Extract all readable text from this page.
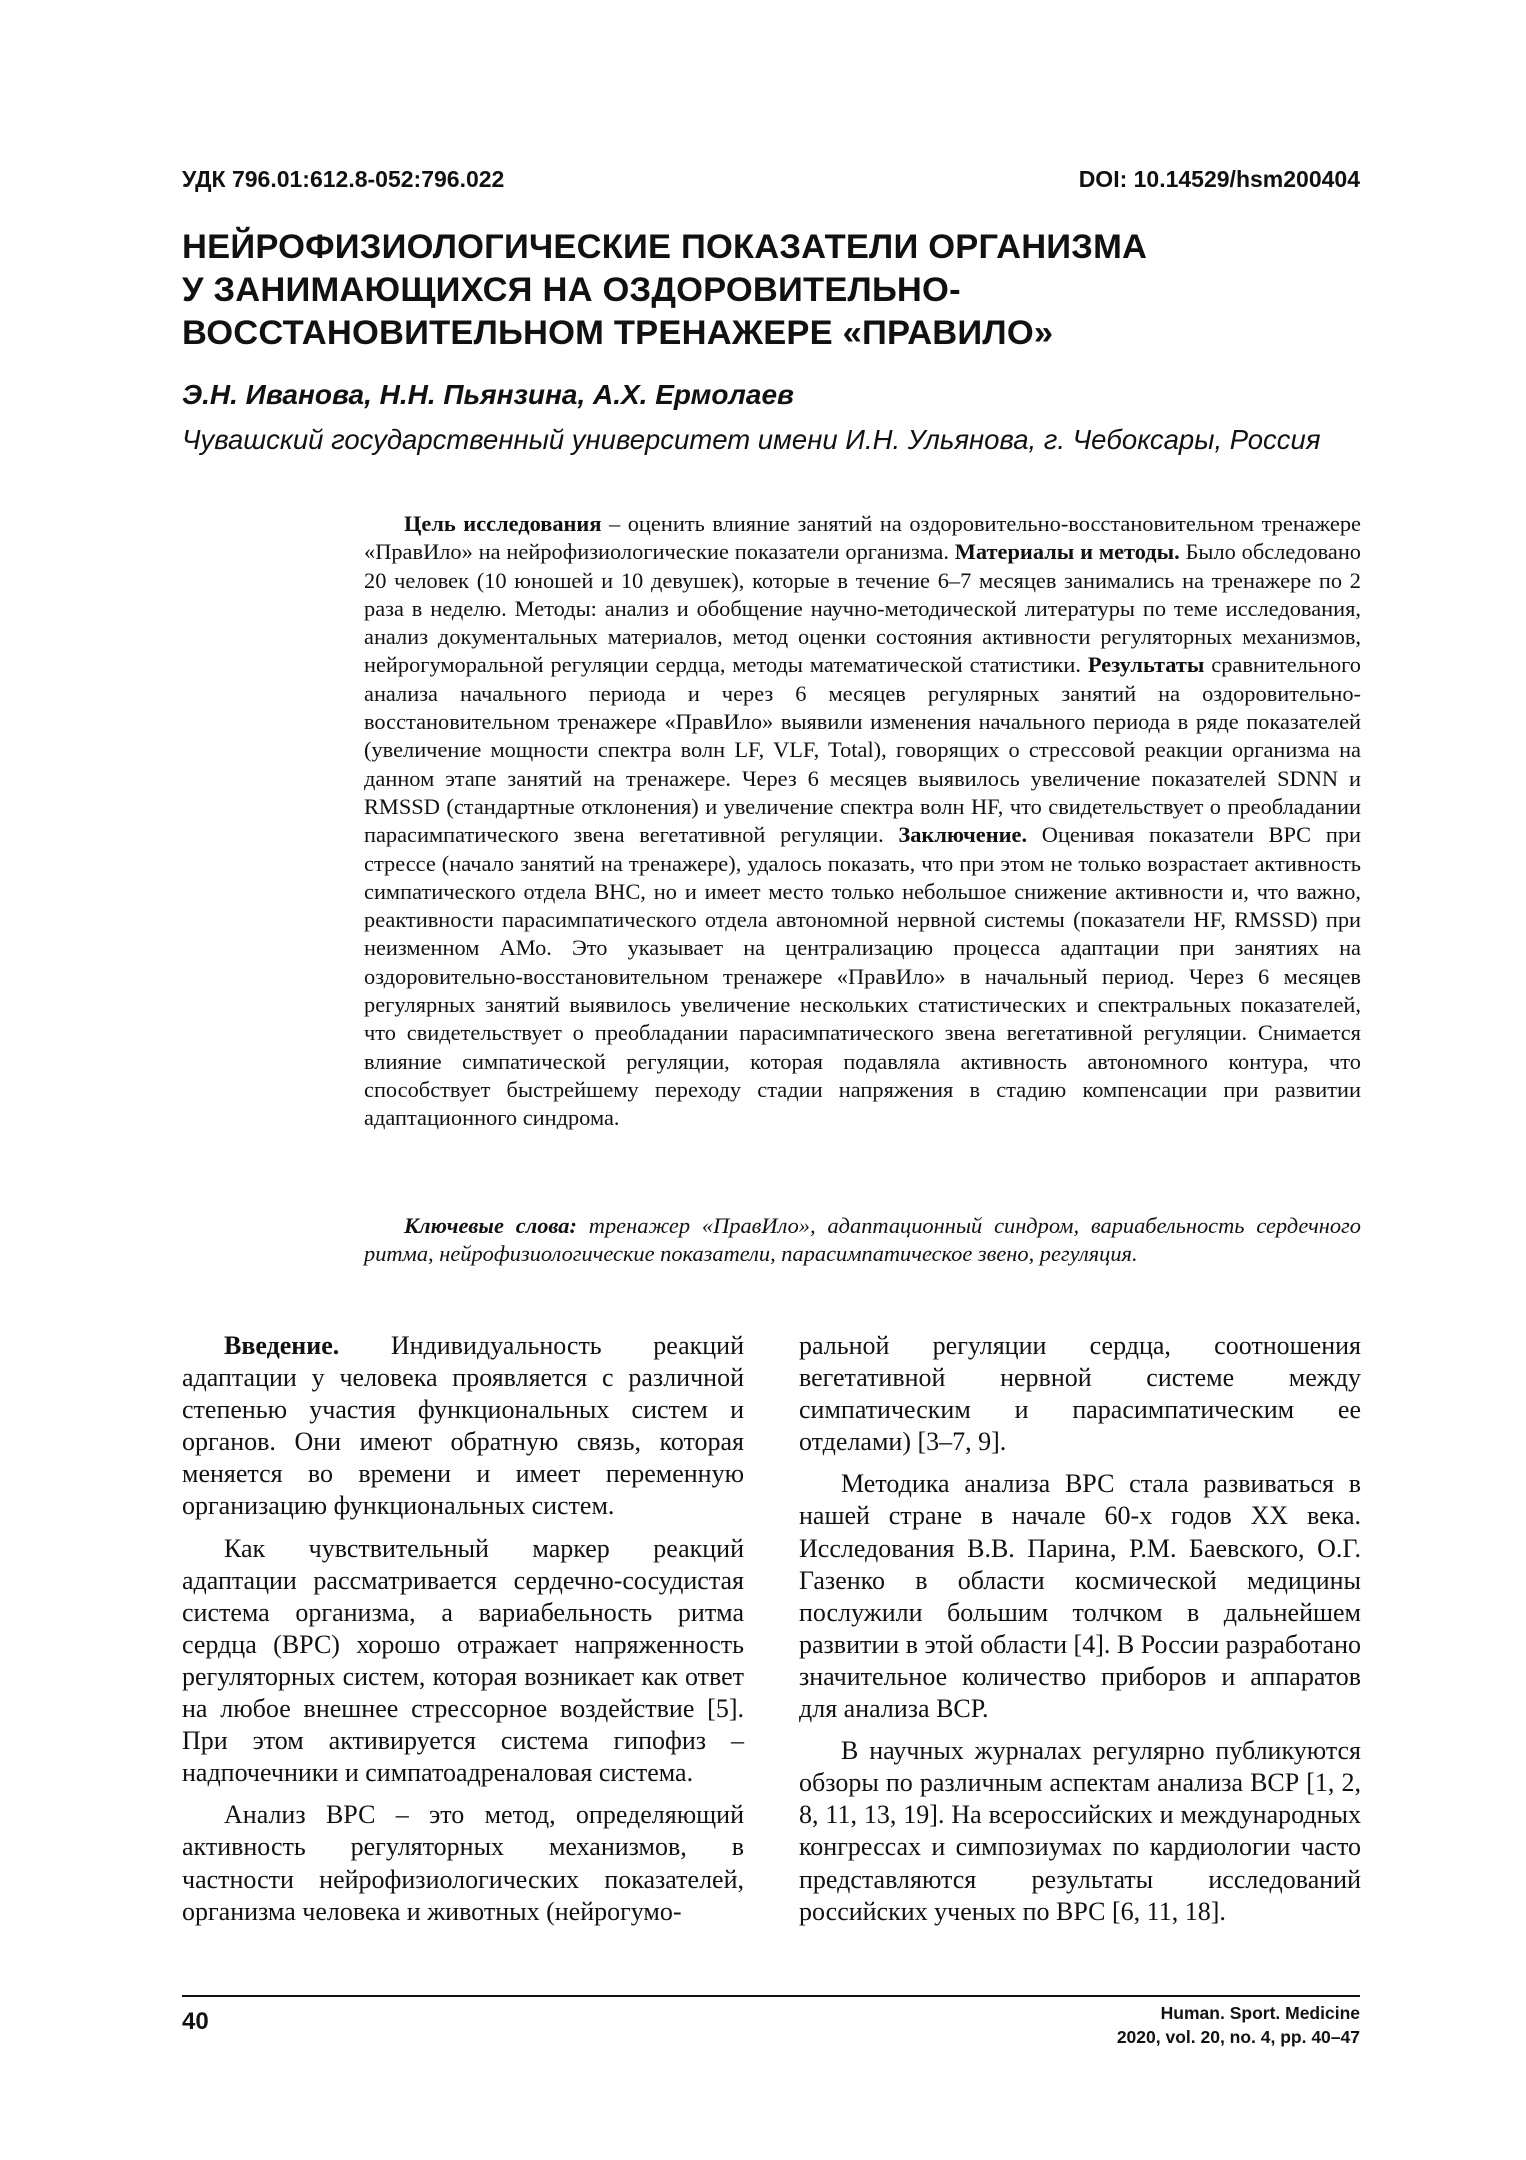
УДК 796.01:612.8-052:796.022	DOI: 10.14529/hsm200404
НЕЙРОФИЗИОЛОГИЧЕСКИЕ ПОКАЗАТЕЛИ ОРГАНИЗМА
У ЗАНИМАЮЩИХСЯ НА ОЗДОРОВИТЕЛЬНО-
ВОССТАНОВИТЕЛЬНОМ ТРЕНАЖЕРЕ «ПРАВИЛО»
Э.Н. Иванова, Н.Н. Пьянзина, А.Х. Ермолаев
Чувашский государственный университет имени И.Н. Ульянова, г. Чебоксары, Россия

Цель исследования – оценить влияние занятий на оздоровительно-восстановительном тренажере «ПравИло» на нейрофизиологические показатели организма. Материалы и методы. Было обследовано 20 человек (10 юношей и 10 девушек), которые в течение 6–7 месяцев занимались на тренажере по 2 раза в неделю. Методы: анализ и обобщение научно-методической литературы по теме исследования, анализ документальных материалов, метод оценки состояния активности регуляторных механизмов, нейрогуморальной регуляции сердца, методы математической статистики. Результаты сравнительного анализа начального периода и через 6 месяцев регулярных занятий на оздоровительно-восстановительном тренажере «ПравИло» выявили изменения начального периода в ряде показателей (увеличение мощности спектра волн LF, VLF, Total), говорящих о стрессовой реакции организма на данном этапе занятий на тренажере. Через 6 месяцев выявилось увеличение показателей SDNN и RMSSD (стандартные отклонения) и увеличение спектра волн HF, что свидетельствует о преобладании парасимпатического звена вегетативной регуляции. Заключение. Оценивая показатели ВРС при стрессе (начало занятий на тренажере), удалось показать, что при этом не только возрастает активность симпатического отдела ВНС, но и имеет место только небольшое снижение активности и, что важно, реактивности парасимпатического отдела автономной нервной системы (показатели HF, RMSSD) при неизменном АМо. Это указывает на централизацию процесса адаптации при занятиях на оздоровительно-восстановительном тренажере «ПравИло» в начальный период. Через 6 месяцев регулярных занятий выявилось увеличение нескольких статистических и спектральных показателей, что свидетельствует о преобладании парасимпатического звена вегетативной регуляции. Снимается влияние симпатической регуляции, которая подавляла активность автономного контура, что способствует быстрейшему переходу стадии напряжения в стадию компенсации при развитии адаптационного синдрома.

Ключевые слова: тренажер «ПравИло», адаптационный синдром, вариабельность сердечного ритма, нейрофизиологические показатели, парасимпатическое звено, регуляция.

Введение. Индивидуальность реакций адаптации у человека проявляется с различной степенью участия функциональных систем и органов. Они имеют обратную связь, которая меняется во времени и имеет переменную организацию функциональных систем.

Как чувствительный маркер реакций адаптации рассматривается сердечно-сосудистая система организма, а вариабельность ритма сердца (ВРС) хорошо отражает напряженность регуляторных систем, которая возникает как ответ на любое внешнее стрессорное воздействие [5]. При этом активируется система гипофиз – надпочечники и симпатоадреналовая система.

Анализ ВРС – это метод, определяющий активность регуляторных механизмов, в частности нейрофизиологических показателей, организма человека и животных (нейрогумо-

ральной регуляции сердца, соотношения вегетативной нервной системе между симпатическим и парасимпатическим ее отделами) [3–7, 9].

Методика анализа ВРС стала развиваться в нашей стране в начале 60-х годов XX века. Исследования В.В. Парина, Р.М. Баевского, О.Г. Газенко в области космической медицины послужили большим толчком в дальнейшем развитии в этой области [4]. В России разработано значительное количество приборов и аппаратов для анализа ВСР.

В научных журналах регулярно публикуются обзоры по различным аспектам анализа ВСР [1, 2, 8, 11, 13, 19]. На всероссийских и международных конгрессах и симпозиумах по кардиологии часто представляются результаты исследований российских ученых по ВРС [6, 11, 18].

40	Human. Sport. Medicine
2020, vol. 20, no. 4, pp. 40–47
